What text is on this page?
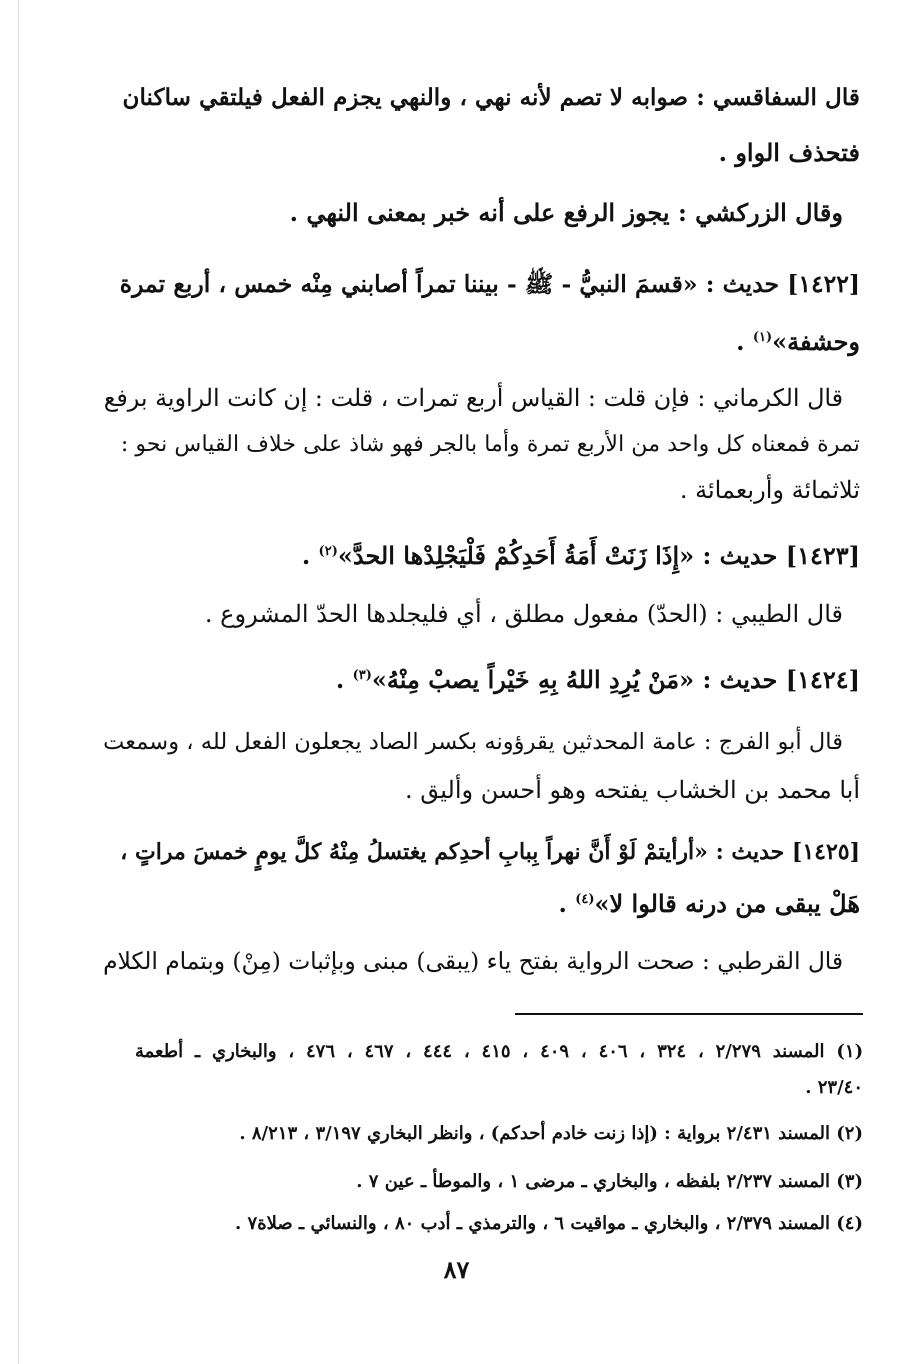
قال السفاقسي : صوابه لا تصم لأنه نهي ، والنهي يجزم الفعل فيلتقي ساكنان
فتحذف الواو .
وقال الزركشي : يجوز الرفع على أنه خبر بمعنى النهي .
[١٤٢٢] حديث : «قسمَ النبيُّ - ﷺ - بيننا تمراً أصابني مِنْه خمس ، أربع تمرة
وحشفة»$^{(١)}$ .
قال الكرماني : فإن قلت : القياس أربع تمرات ، قلت : إن كانت الراوية برفع
تمرة فمعناه كل واحد من الأربع تمرة وأما بالجر فهو شاذ على خلاف القياس نحو :
ثلاثمائة وأربعمائة .
[١٤٢٣] حديث : «إِذَا زَنَتْ أَمَةُ أَحَدِكُمْ فَلْيَجْلِدْها الحدَّ»$^{(٢)}$ .
قال الطيبي : (الحدّ) مفعول مطلق ، أي فليجلدها الحدّ المشروع .
[١٤٢٤] حديث : «مَنْ يُرِدِ اللهُ بِهِ خَيْراً يصبْ مِنْهُ»$^{(٣)}$ .
قال أبو الفرج : عامة المحدثين يقرؤونه بكسر الصاد يجعلون الفعل لله ، وسمعت
أبا محمد بن الخشاب يفتحه وهو أحسن وأليق .
[١٤٢٥] حديث : «أرأيتمْ لَوْ أَنَّ نهراً بِبابِ أحدِكم يغتسلُ مِنْهُ كلَّ يومٍ خمسَ مراتٍ ،
هَلْ يبقى من درنه قالوا لا»$^{(٤)}$ .
قال القرطبي : صحت الرواية بفتح ياء (يبقى) مبنى وبإثبات (مِنْ) وبتمام الكلام
(١) المسند ٢/٢٧٩ ، ٣٢٤ ، ٤٠٦ ، ٤٠٩ ، ٤١٥ ، ٤٤٤ ، ٤٦٧ ، ٤٧٦ ، والبخاري ـ أطعمة
٢٣/٤٠ .
(٢) المسند ٢/٤٣١ برواية : (إذا زنت خادم أحدكم) ، وانظر البخاري ٣/١٩٧ ، ٨/٢١٣ .
(٣) المسند ٢/٢٣٧ بلفظه ، والبخاري ـ مرضى ١ ، والموطأ ـ عين ٧ .
(٤) المسند ٢/٣٧٩ ، والبخاري ـ مواقيت ٦ ، والترمذي ـ أدب ٨٠ ، والنسائي ـ صلاة٧ .
٨٧
